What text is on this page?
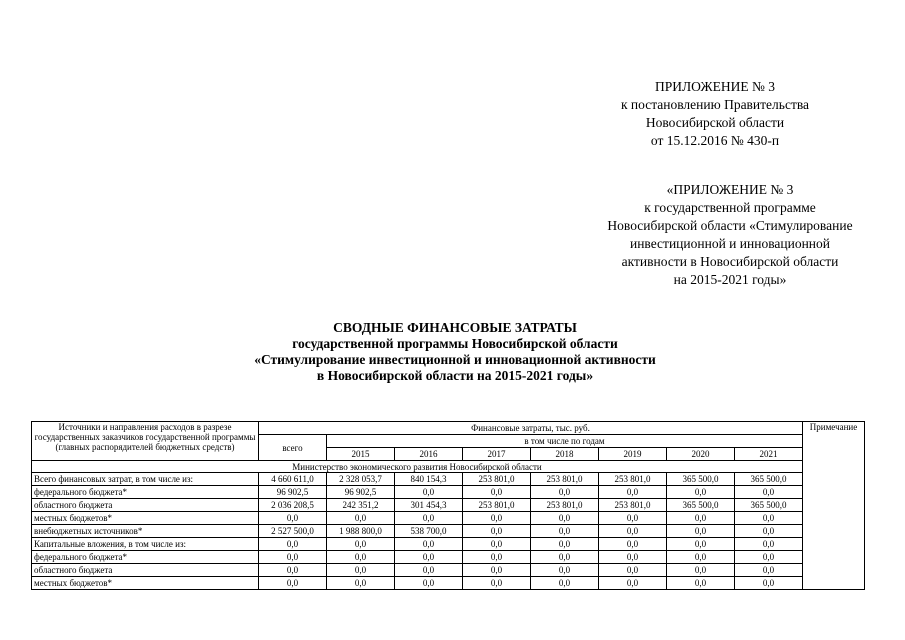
ПРИЛОЖЕНИЕ № 3
к постановлению Правительства
Новосибирской области
от 15.12.2016 № 430-п
«ПРИЛОЖЕНИЕ № 3
к государственной программе
Новосибирской области «Стимулирование
инвестиционной и инновационной
активности в Новосибирской области
на 2015-2021 годы»
СВОДНЫЕ ФИНАНСОВЫЕ ЗАТРАТЫ
государственной программы Новосибирской области
«Стимулирование инвестиционной и инновационной активности
в Новосибирской области на 2015-2021 годы»
Источники и направления расходов в разрезе государственных заказчиков государственной программы (главных распорядителей бюджетных средств)	Финансовые затраты, тыс. руб.								Примечание
	всего	в том числе по годам							
		2015	2016	2017	2018	2019	2020	2021	
Министерство экономического развития Новосибирской области									
Всего финансовых затрат, в том числе из:	4 660 611,0	2 328 053,7	840 154,3	253 801,0	253 801,0	253 801,0	365 500,0	365 500,0	
федерального бюджета*	96 902,5	96 902,5	0,0	0,0	0,0	0,0	0,0	0,0	
областного бюджета	2 036 208,5	242 351,2	301 454,3	253 801,0	253 801,0	253 801,0	365 500,0	365 500,0	
местных бюджетов*	0,0	0,0	0,0	0,0	0,0	0,0	0,0	0,0	
внебюджетных источников*	2 527 500,0	1 988 800,0	538 700,0	0,0	0,0	0,0	0,0	0,0	
Капитальные вложения, в том числе из:	0,0	0,0	0,0	0,0	0,0	0,0	0,0	0,0	
федерального бюджета*	0,0	0,0	0,0	0,0	0,0	0,0	0,0	0,0	
областного бюджета	0,0	0,0	0,0	0,0	0,0	0,0	0,0	0,0	
местных бюджетов*	0,0	0,0	0,0	0,0	0,0	0,0	0,0	0,0	
